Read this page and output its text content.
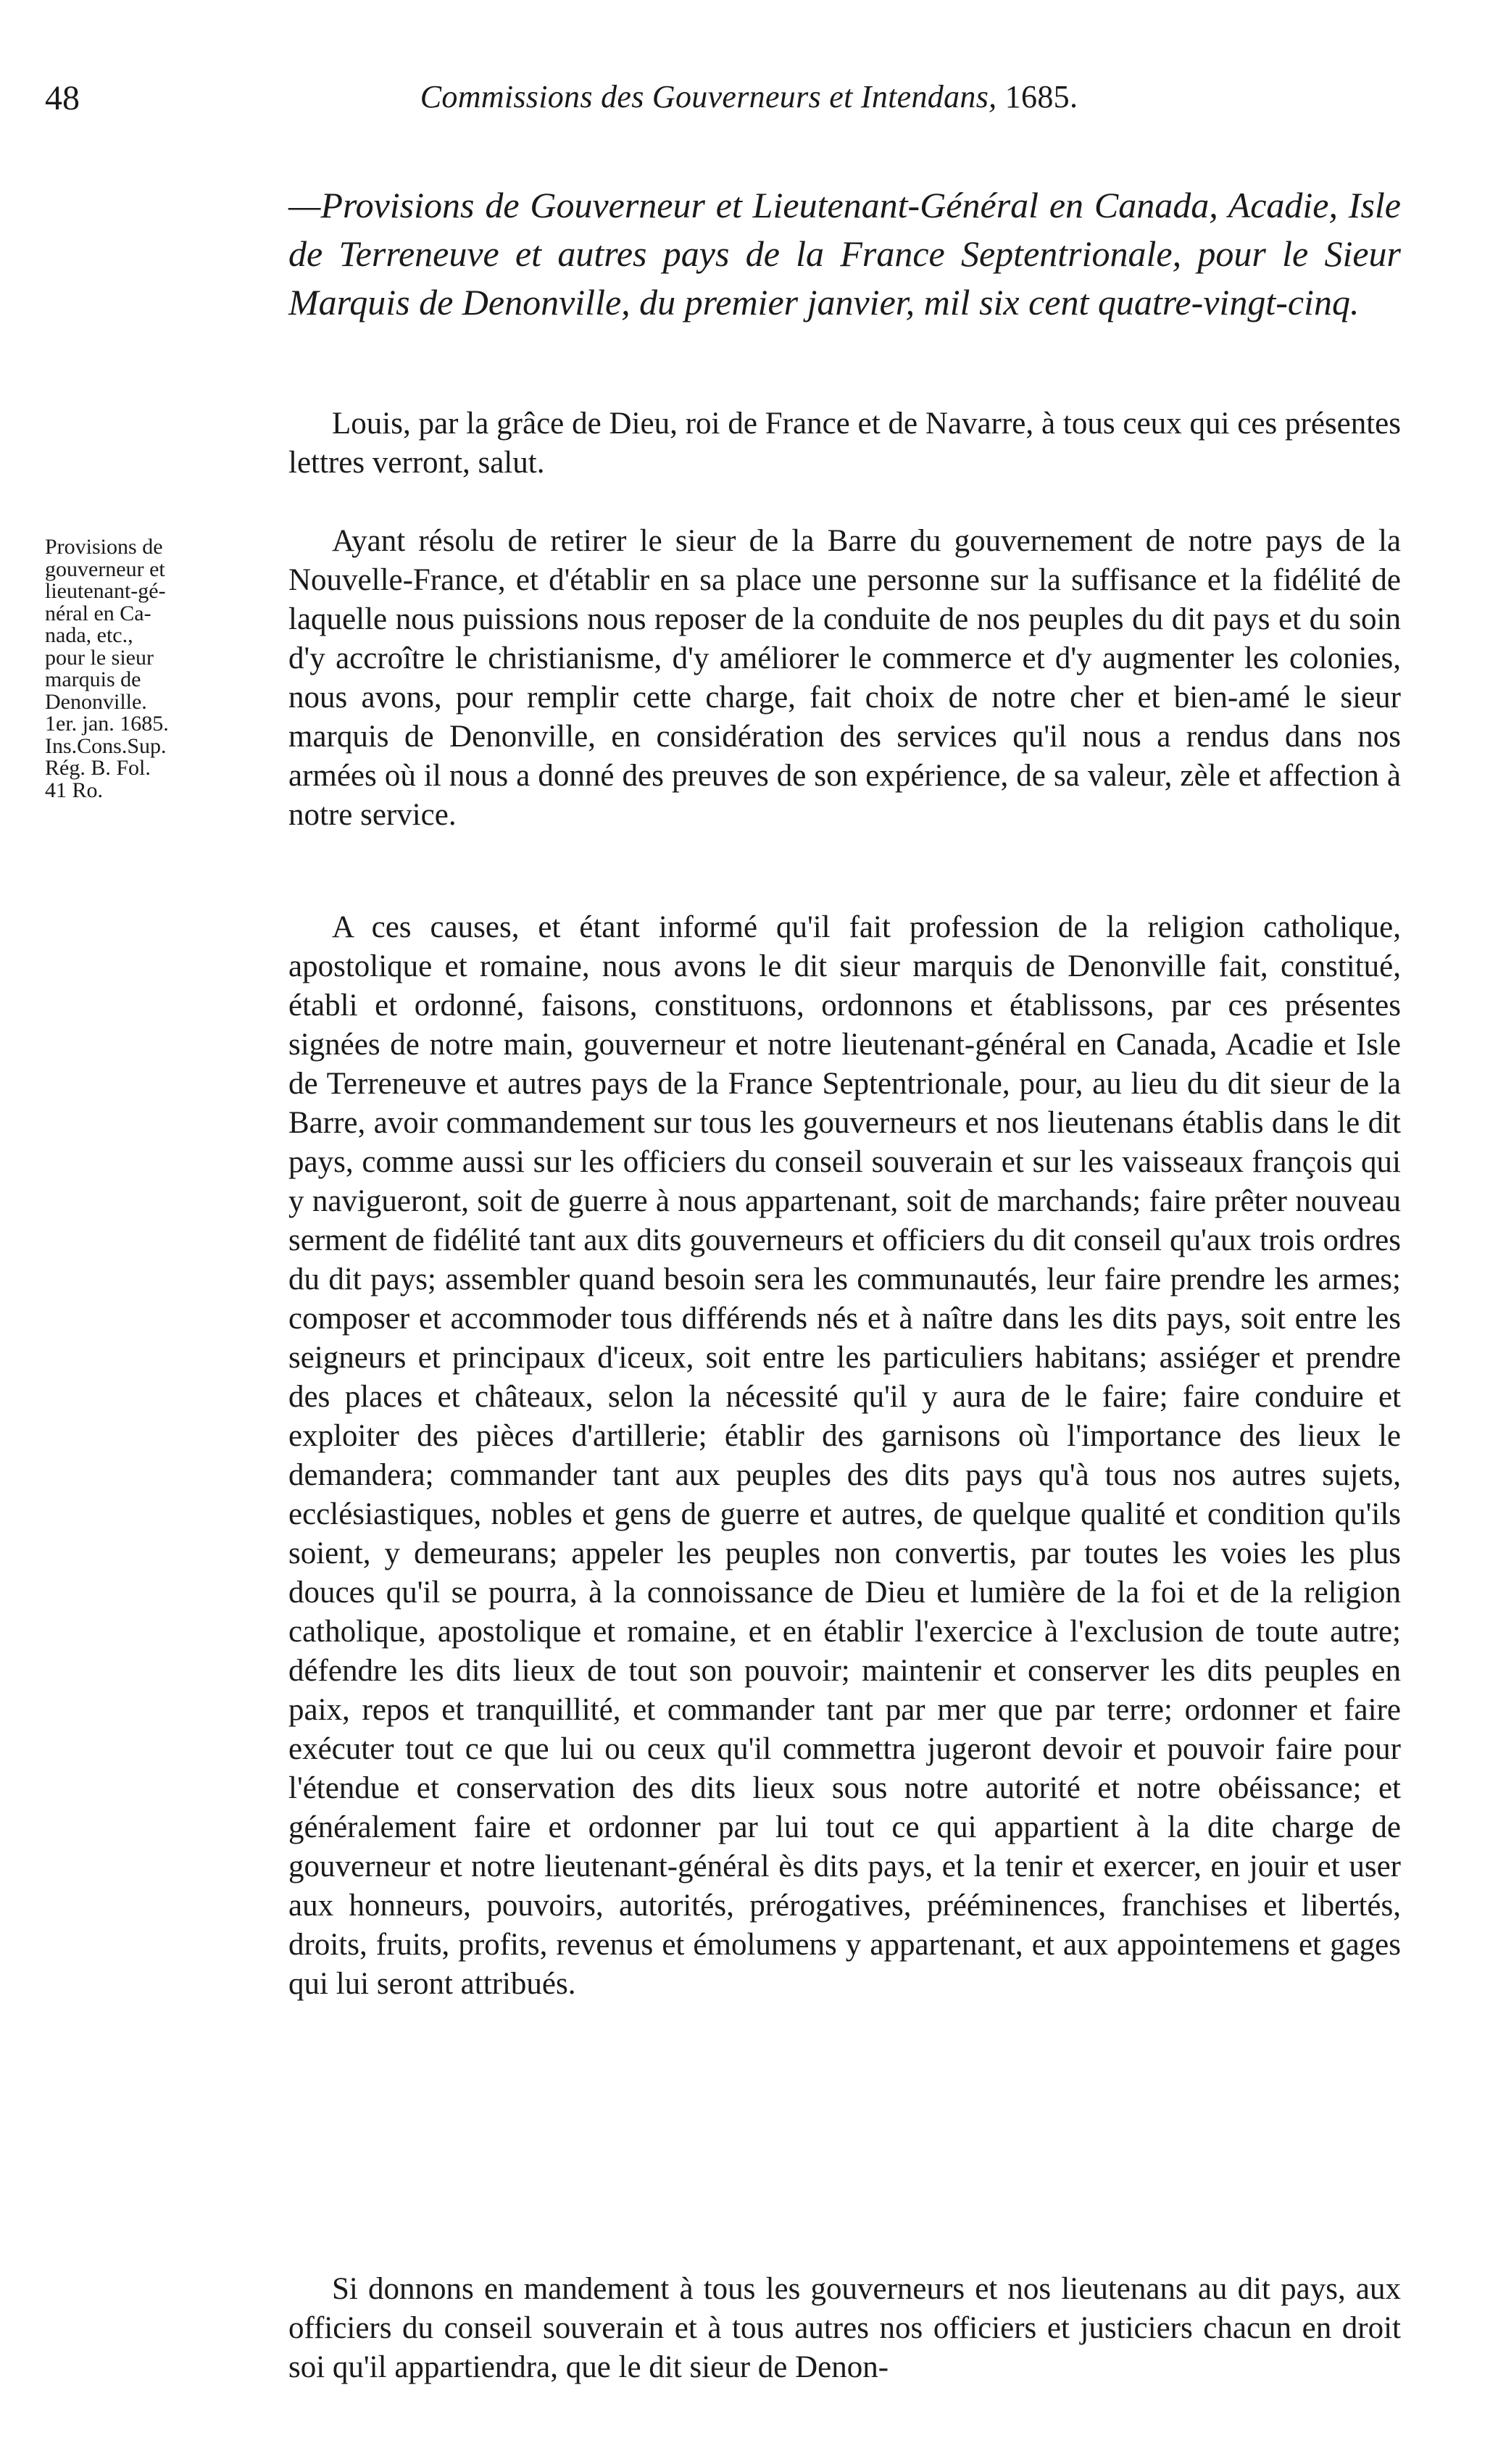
48	Commissions des Gouverneurs et Intendans, 1685.
—Provisions de Gouverneur et Lieutenant-Général en Canada, Acadie, Isle de Terreneuve et autres pays de la France Septentrionale, pour le Sieur Marquis de Denonville, du premier janvier, mil six cent quatre-vingt-cinq.

Louis, par la grâce de Dieu, roi de France et de Navarre, à tous ceux qui ces présentes lettres verront, salut.

Provisions de
gouverneur et
lieutenant-gé-
néral en Ca-
nada, etc.,
pour le sieur
marquis de
Denonville.
1er. jan. 1685.
Ins.Cons.Sup.
Rég. B. Fol.
41 Ro.

Ayant résolu de retirer le sieur de la Barre du gouvernement de notre pays de la Nouvelle-France, et d'établir en sa place une personne sur la suffisance et la fidélité de laquelle nous puissions nous reposer de la conduite de nos peuples du dit pays et du soin d'y accroître le christianisme, d'y améliorer le commerce et d'y augmenter les colonies, nous avons, pour remplir cette charge, fait choix de notre cher et bien-amé le sieur marquis de Denonville, en considération des services qu'il nous a rendus dans nos armées où il nous a donné des preuves de son expérience, de sa valeur, zèle et affection à notre service.

A ces causes, et étant informé qu'il fait profession de la religion catholique, apostolique et romaine, nous avons le dit sieur marquis de Denonville fait, constitué, établi et ordonné, faisons, constituons, ordonnons et établissons, par ces présentes signées de notre main, gouverneur et notre lieutenant-général en Canada, Acadie et Isle de Terreneuve et autres pays de la France Septentrionale, pour, au lieu du dit sieur de la Barre, avoir commandement sur tous les gouverneurs et nos lieutenans établis dans le dit pays, comme aussi sur les officiers du conseil souverain et sur les vaisseaux françois qui y navigueront, soit de guerre à nous appartenant, soit de marchands; faire prêter nouveau serment de fidélité tant aux dits gouverneurs et officiers du dit conseil qu'aux trois ordres du dit pays; assembler quand besoin sera les communautés, leur faire prendre les armes; composer et accommoder tous différends nés et à naître dans les dits pays, soit entre les seigneurs et principaux d'iceux, soit entre les particuliers habitans; assiéger et prendre des places et châteaux, selon la nécessité qu'il y aura de le faire; faire conduire et exploiter des pièces d'artillerie; établir des garnisons où l'importance des lieux le demandera; commander tant aux peuples des dits pays qu'à tous nos autres sujets, ecclésiastiques, nobles et gens de guerre et autres, de quelque qualité et condition qu'ils soient, y demeurans; appeler les peuples non convertis, par toutes les voies les plus douces qu'il se pourra, à la connoissance de Dieu et lumière de la foi et de la religion catholique, apostolique et romaine, et en établir l'exercice à l'exclusion de toute autre; défendre les dits lieux de tout son pouvoir; maintenir et conserver les dits peuples en paix, repos et tranquillité, et commander tant par mer que par terre; ordonner et faire exécuter tout ce que lui ou ceux qu'il commettra jugeront devoir et pouvoir faire pour l'étendue et conservation des dits lieux sous notre autorité et notre obéissance; et généralement faire et ordonner par lui tout ce qui appartient à la dite charge de gouverneur et notre lieutenant-général ès dits pays, et la tenir et exercer, en jouir et user aux honneurs, pouvoirs, autorités, prérogatives, prééminences, franchises et libertés, droits, fruits, profits, revenus et émolumens y appartenant, et aux appointemens et gages qui lui seront attribués.

Si donnons en mandement à tous les gouverneurs et nos lieutenans au dit pays, aux officiers du conseil souverain et à tous autres nos officiers et justiciers chacun en droit soi qu'il appartiendra, que le dit sieur de Denon-
